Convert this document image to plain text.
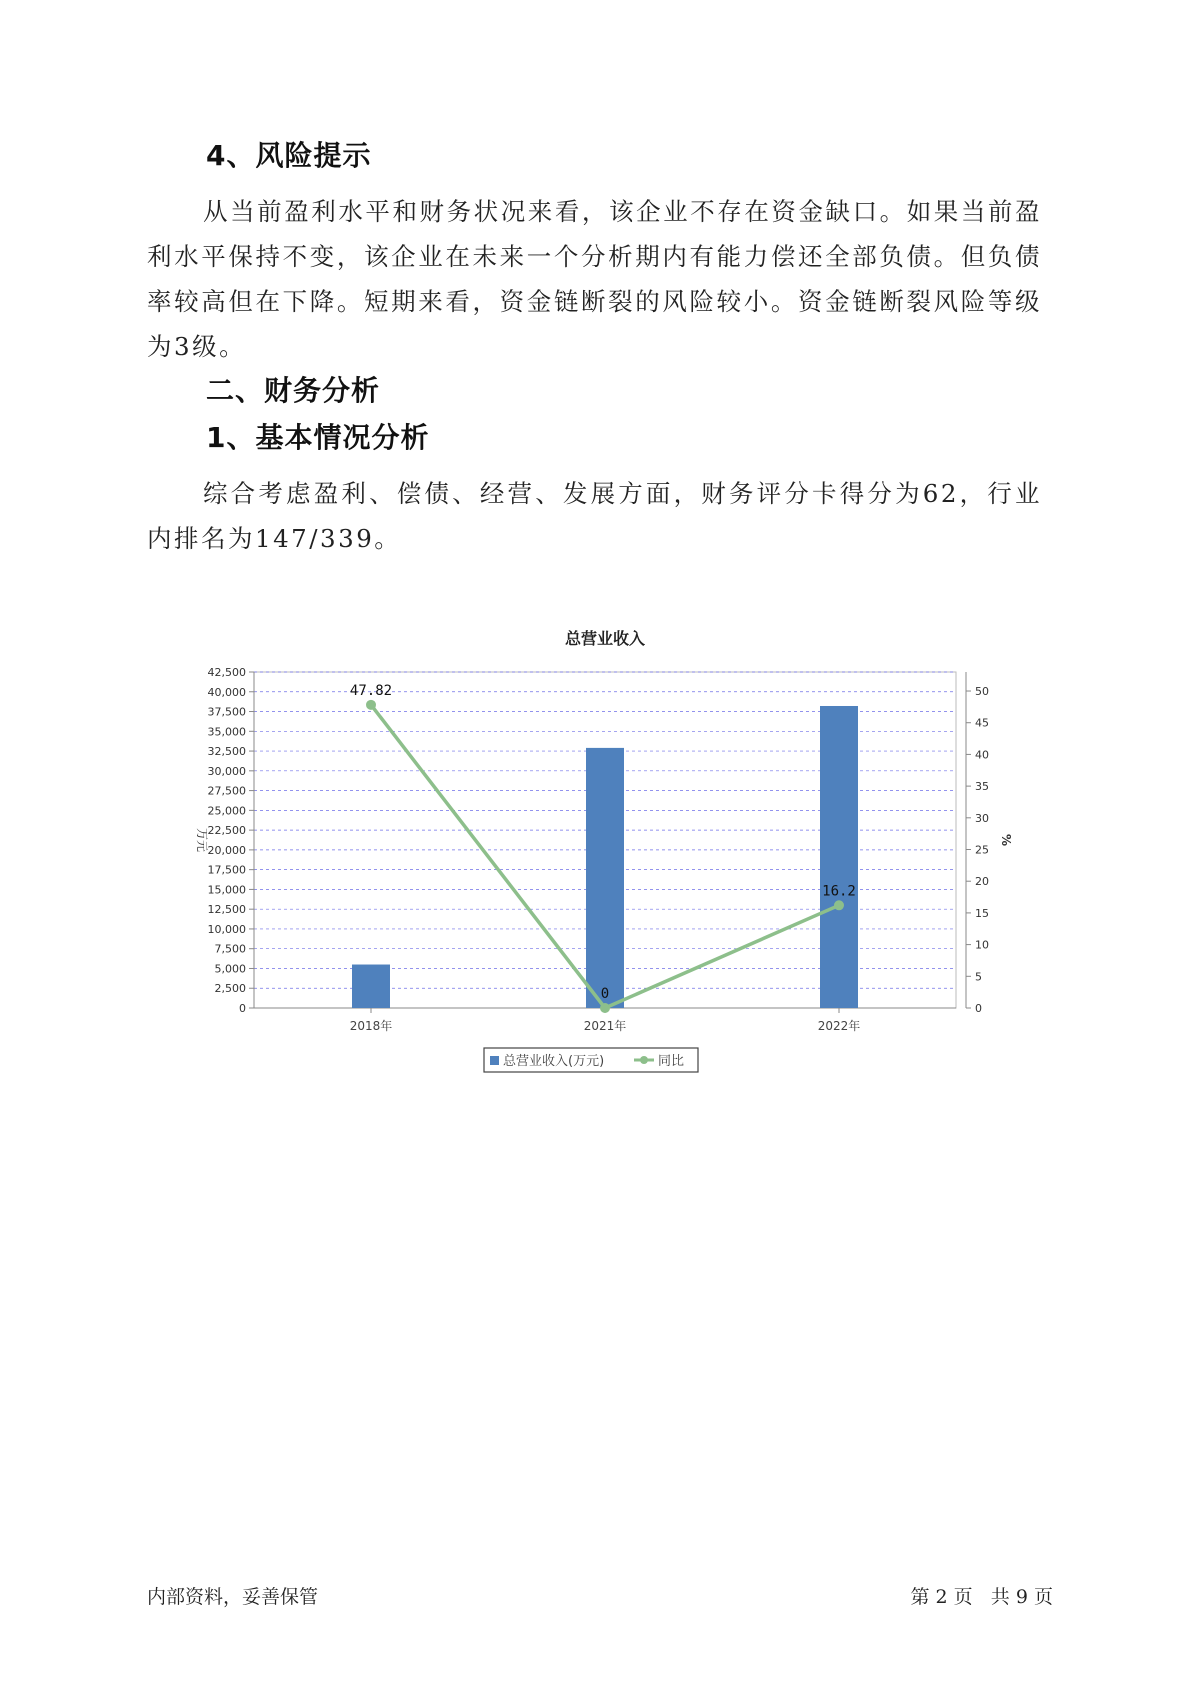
4、风险提示

从当前盈利水平和财务状况来看，该企业不存在资金缺口。如果当前盈利水平保持不变，该企业在未来一个分析期内有能力偿还全部负债。但负债率较高但在下降。短期来看，资金链断裂的风险较小。资金链断裂风险等级为3级。

二、财务分析
1、基本情况分析

综合考虑盈利、偿债、经营、发展方面，财务评分卡得分为62，行业内排名为147/339。

总营业收入
0
2,500
5,000
7,500
10,000
12,500
15,000
17,500
20,000
22,500
25,000
27,500
30,000
32,500
35,000
37,500
40,000
42,500
万元
0
5
10
15
20
25
30
35
40
45
50
%
2018年	2021年	2022年
47.82
0
16.2
总营业收入(万元)	同比
内部资料，妥善保管	第 2 页 共 9 页
